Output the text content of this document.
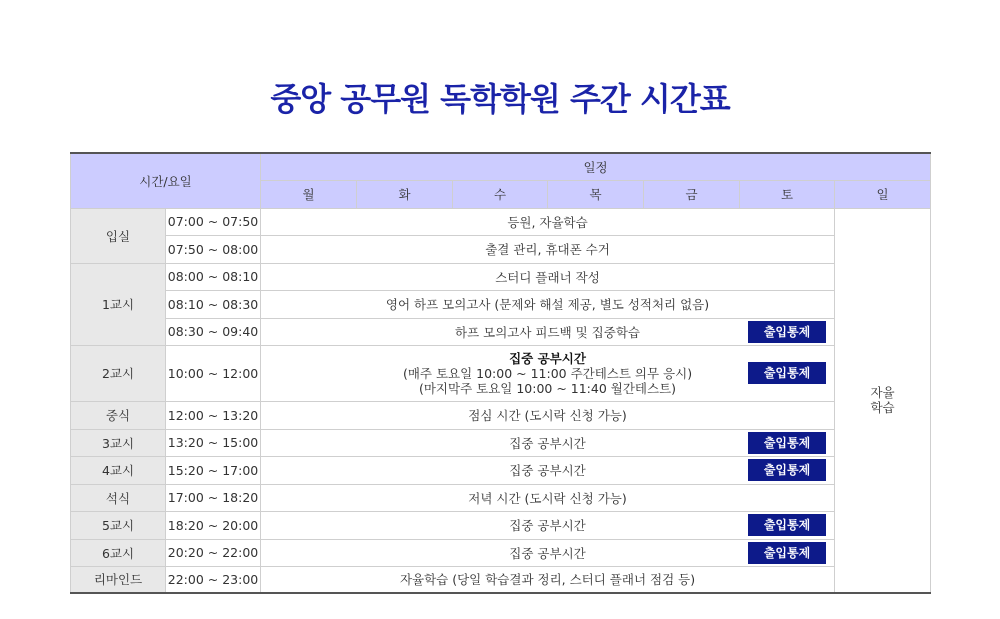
중앙 공무원 독학학원 주간 시간표
시간/요일		일정						
		월	화	수	목	금	토	일
입실	07:00 ~ 07:50	등원, 자율학습						자율
학습

	07:50 ~ 08:00	출결 관리, 휴대폰 수거						
1교시	08:00 ~ 08:10	스터디 플래너 작성						
	08:10 ~ 08:30	영어 하프 모의고사 (문제와 해설 제공, 별도 성적처리 없음)						
	08:30 ~ 09:40	하프 모의고사 피드백 및 집중학습 출입통제						

2교시	10:00 ~ 12:00	집중 공부시간
(매주 토요일 10:00 ~ 11:00 주간테스트 의무 응시)
(마지막주 토요일 10:00 ~ 11:40 월간테스트)
출입통제						

중식	12:00 ~ 13:20	점심 시간 (도시락 신청 가능)						
3교시	13:20 ~ 15:00	집중 공부시간 출입통제						

4교시	15:20 ~ 17:00	집중 공부시간 출입통제						

석식	17:00 ~ 18:20	저녁 시간 (도시락 신청 가능)						
5교시	18:20 ~ 20:00	집중 공부시간 출입통제						

6교시	20:20 ~ 22:00	집중 공부시간 출입통제						

리마인드	22:00 ~ 23:00	자율학습 (당일 학습결과 정리, 스터디 플래너 점검 등)						
